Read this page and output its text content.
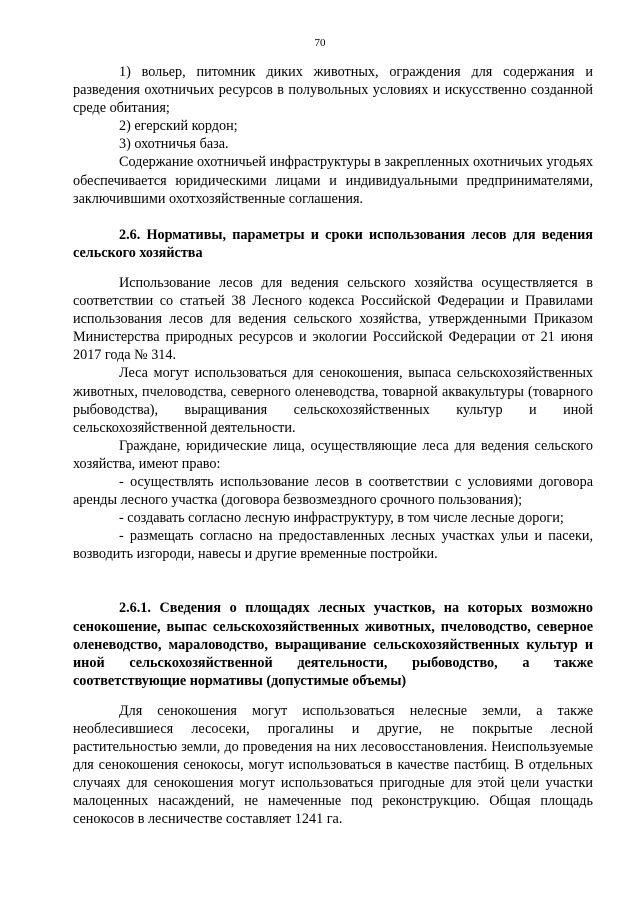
70

1) вольер, питомник диких животных, ограждения для содержания и разведения охотничьих ресурсов в полувольных условиях и искусственно созданной среде обитания;

2) егерский кордон;

3) охотничья база.

Содержание охотничьей инфраструктуры в закрепленных охотничьих угодьях обеспечивается юридическими лицами и индивидуальными предпринимателями, заключившими охотхозяйственные соглашения.

2.6. Нормативы, параметры и сроки использования лесов для ведения сельского хозяйства

Использование лесов для ведения сельского хозяйства осуществляется в соответствии со статьей 38 Лесного кодекса Российской Федерации и Правилами использования лесов для ведения сельского хозяйства, утвержденными Приказом Министерства природных ресурсов и экологии Российской Федерации от 21 июня 2017 года № 314.

Леса могут использоваться для сенокошения, выпаса сельскохозяйственных животных, пчеловодства, северного оленеводства, товарной аквакультуры (товарного рыбоводства), выращивания сельскохозяйственных культур и иной сельскохозяйственной деятельности.

Граждане, юридические лица, осуществляющие леса для ведения сельского хозяйства, имеют право:

- осуществлять использование лесов в соответствии с условиями договора аренды лесного участка (договора безвозмездного срочного пользования);

- создавать согласно лесную инфраструктуру, в том числе лесные дороги;

- размещать согласно на предоставленных лесных участках ульи и пасеки, возводить изгороди, навесы и другие временные постройки.

2.6.1. Сведения о площадях лесных участков, на которых возможно сенокошение, выпас сельскохозяйственных животных, пчеловодство, северное оленеводство, мараловодство, выращивание сельскохозяйственных культур и иной сельскохозяйственной деятельности, рыбоводство, а также соответствующие нормативы (допустимые объемы)

Для сенокошения могут использоваться нелесные земли, а также необлесившиеся лесосеки, прогалины и другие, не покрытые лесной растительностью земли, до проведения на них лесовосстановления. Неиспользуемые для сенокошения сенокосы, могут использоваться в качестве пастбищ. В отдельных случаях для сенокошения могут использоваться пригодные для этой цели участки малоценных насаждений, не намеченные под реконструкцию. Общая площадь сенокосов в лесничестве составляет 1241 га.
